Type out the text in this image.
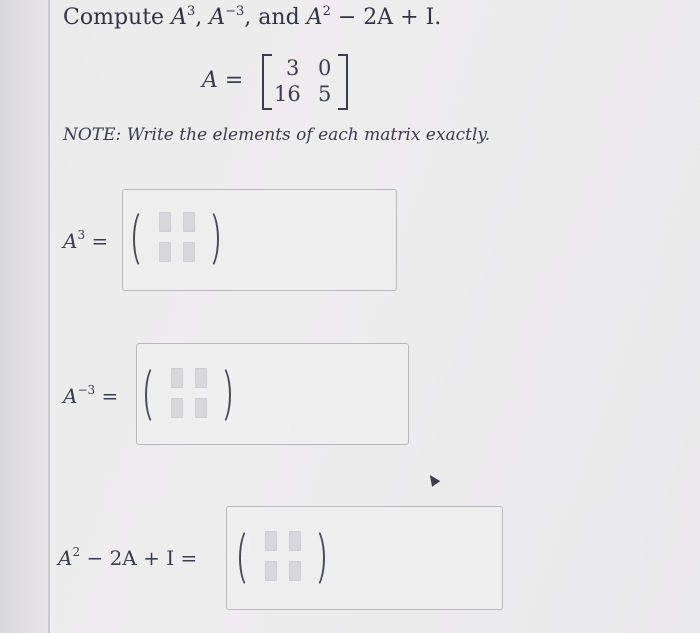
Compute $A^3$, $A^{-3}$, and $A^2 - 2A + I$.
A = 3 0
16 5
NOTE: Write the elements of each matrix exactly.
$A^3$ =
$A^{-3}$ =
$A^2 - 2A + I$ =
